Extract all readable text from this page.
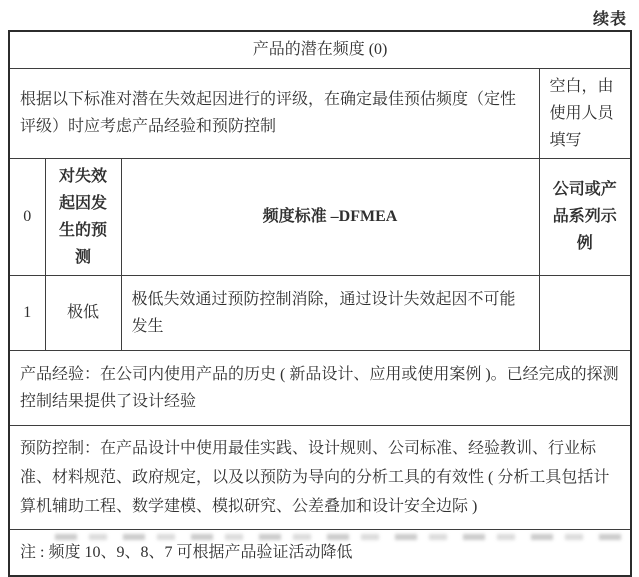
续表
产品的潜在频度 (0)			
根据以下标准对潜在失效起因进行的评级，在确定最佳预估频度（定性评级）时应考虑产品经验和预防控制			空白，由使用人员填写
0	对失效起因发生的预测	频度标准 –DFMEA	公司或产品系列示例
1	极低	极低失效通过预防控制消除，通过设计失效起因不可能发生	
产品经验：在公司内使用产品的历史 ( 新品设计、应用或使用案例 )。已经完成的探测控制结果提供了设计经验			
预防控制：在产品设计中使用最佳实践、设计规则、公司标准、经验教训、行业标准、材料规范、政府规定，以及以预防为导向的分析工具的有效性 ( 分析工具包括计算机辅助工程、数学建模、模拟研究、公差叠加和设计安全边际 )			
注 : 频度 10、9、8、7 可根据产品验证活动降低			
